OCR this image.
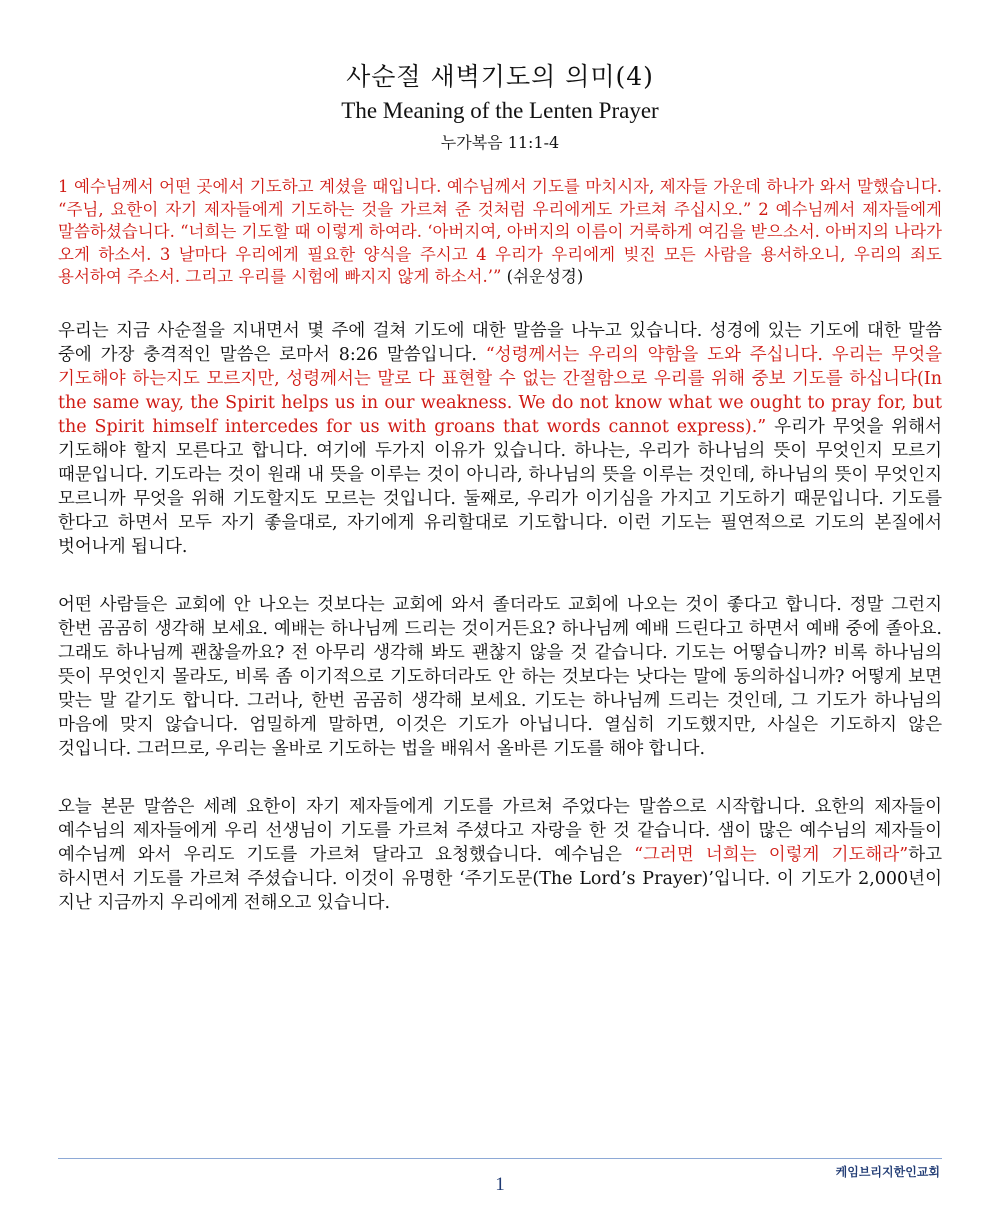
사순절 새벽기도의 의미(4)
The Meaning of the Lenten Prayer
누가복음 11:1-4

1 예수님께서 어떤 곳에서 기도하고 계셨을 때입니다. 예수님께서 기도를 마치시자, 제자들 가운데 하나가 와서 말했습니다. “주님, 요한이 자기 제자들에게 기도하는 것을 가르쳐 준 것처럼 우리에게도 가르쳐 주십시오.” 2 예수님께서 제자들에게 말씀하셨습니다. “너희는 기도할 때 이렇게 하여라. ‘아버지여, 아버지의 이름이 거룩하게 여김을 받으소서. 아버지의 나라가 오게 하소서. 3 날마다 우리에게 필요한 양식을 주시고 4 우리가 우리에게 빚진 모든 사람을 용서하오니, 우리의 죄도 용서하여 주소서. 그리고 우리를 시험에 빠지지 않게 하소서.’” (쉬운성경)

우리는 지금 사순절을 지내면서 몇 주에 걸쳐 기도에 대한 말씀을 나누고 있습니다. 성경에 있는 기도에 대한 말씀 중에 가장 충격적인 말씀은 로마서 8:26 말씀입니다. “성령께서는 우리의 약함을 도와 주십니다. 우리는 무엇을 기도해야 하는지도 모르지만, 성령께서는 말로 다 표현할 수 없는 간절함으로 우리를 위해 중보 기도를 하십니다(In the same way, the Spirit helps us in our weakness. We do not know what we ought to pray for, but the Spirit himself intercedes for us with groans that words cannot express).” 우리가 무엇을 위해서 기도해야 할지 모른다고 합니다. 여기에 두가지 이유가 있습니다. 하나는, 우리가 하나님의 뜻이 무엇인지 모르기 때문입니다. 기도라는 것이 원래 내 뜻을 이루는 것이 아니라, 하나님의 뜻을 이루는 것인데, 하나님의 뜻이 무엇인지 모르니까 무엇을 위해 기도할지도 모르는 것입니다. 둘째로, 우리가 이기심을 가지고 기도하기 때문입니다. 기도를 한다고 하면서 모두 자기 좋을대로, 자기에게 유리할대로 기도합니다. 이런 기도는 필연적으로 기도의 본질에서 벗어나게 됩니다.

어떤 사람들은 교회에 안 나오는 것보다는 교회에 와서 졸더라도 교회에 나오는 것이 좋다고 합니다. 정말 그런지 한번 곰곰히 생각해 보세요. 예배는 하나님께 드리는 것이거든요? 하나님께 예배 드린다고 하면서 예배 중에 졸아요. 그래도 하나님께 괜찮을까요? 전 아무리 생각해 봐도 괜찮지 않을 것 같습니다. 기도는 어떻습니까? 비록 하나님의 뜻이 무엇인지 몰라도, 비록 좀 이기적으로 기도하더라도 안 하는 것보다는 낫다는 말에 동의하십니까? 어떻게 보면 맞는 말 같기도 합니다. 그러나, 한번 곰곰히 생각해 보세요. 기도는 하나님께 드리는 것인데, 그 기도가 하나님의 마음에 맞지 않습니다. 엄밀하게 말하면, 이것은 기도가 아닙니다. 열심히 기도했지만, 사실은 기도하지 않은 것입니다. 그러므로, 우리는 올바로 기도하는 법을 배워서 올바른 기도를 해야 합니다.

오늘 본문 말씀은 세례 요한이 자기 제자들에게 기도를 가르쳐 주었다는 말씀으로 시작합니다. 요한의 제자들이 예수님의 제자들에게 우리 선생님이 기도를 가르쳐 주셨다고 자랑을 한 것 같습니다. 샘이 많은 예수님의 제자들이 예수님께 와서 우리도 기도를 가르쳐 달라고 요청했습니다. 예수님은 “그러면 너희는 이렇게 기도해라”하고 하시면서 기도를 가르쳐 주셨습니다. 이것이 유명한 ‘주기도문(The Lord’s Prayer)’입니다. 이 기도가 2,000년이 지난 지금까지 우리에게 전해오고 있습니다.

케임브리지한인교회
1
